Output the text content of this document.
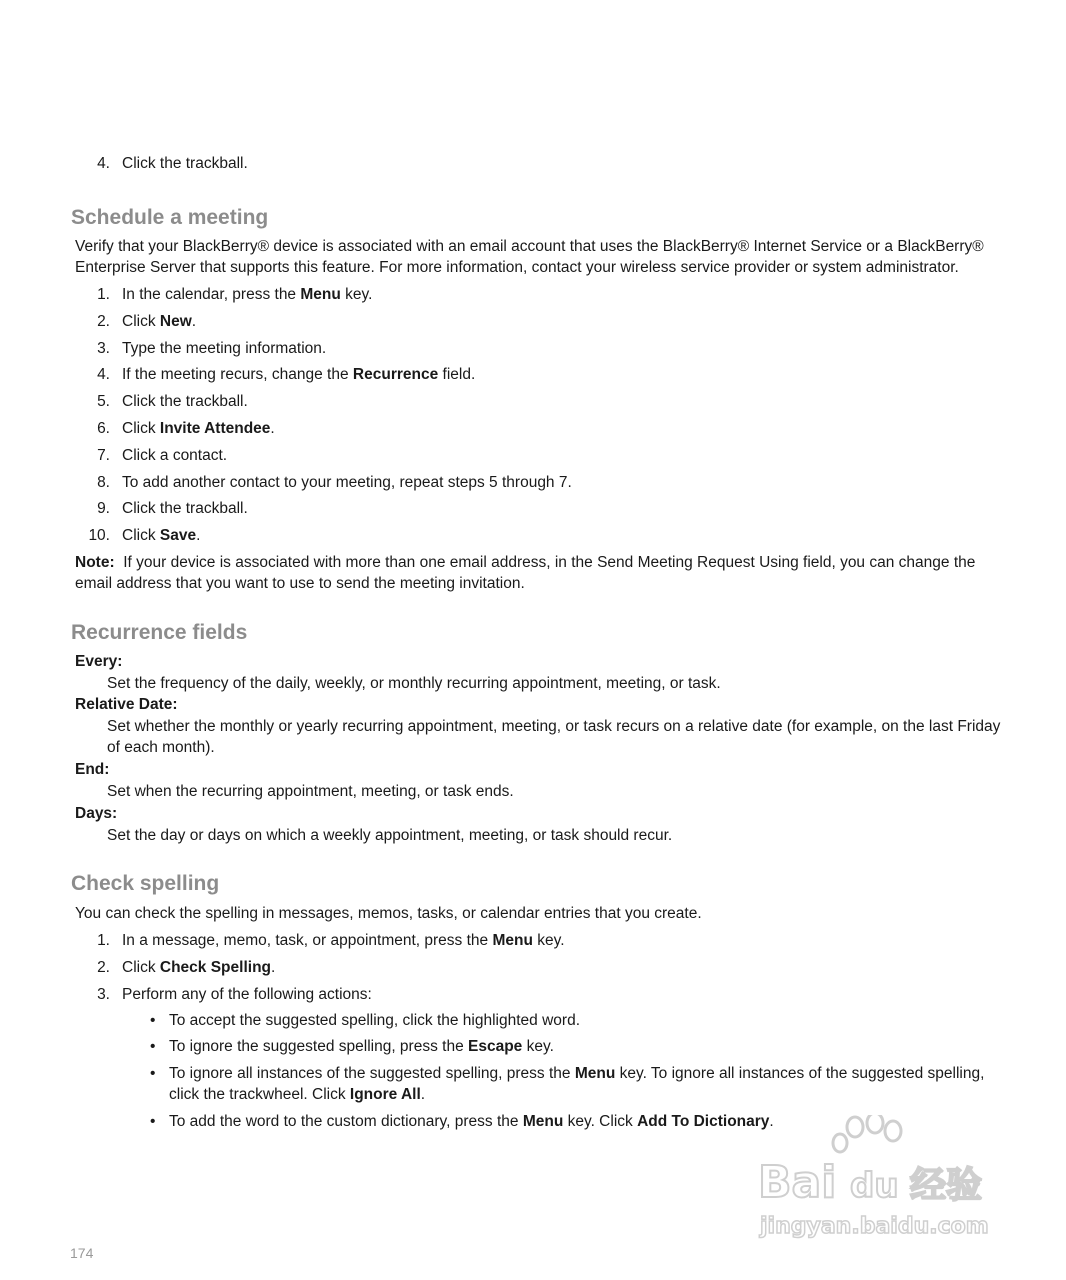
4. Click the trackball.
Schedule a meeting
Verify that your BlackBerry® device is associated with an email account that uses the BlackBerry® Internet Service or a BlackBerry® Enterprise Server that supports this feature. For more information, contact your wireless service provider or system administrator.
1. In the calendar, press the Menu key.
2. Click New.
3. Type the meeting information.
4. If the meeting recurs, change the Recurrence field.
5. Click the trackball.
6. Click Invite Attendee.
7. Click a contact.
8. To add another contact to your meeting, repeat steps 5 through 7.
9. Click the trackball.
10. Click Save.
Note: If your device is associated with more than one email address, in the Send Meeting Request Using field, you can change the email address that you want to use to send the meeting invitation.
Recurrence fields
Every:
Set the frequency of the daily, weekly, or monthly recurring appointment, meeting, or task.
Relative Date:
Set whether the monthly or yearly recurring appointment, meeting, or task recurs on a relative date (for example, on the last Friday of each month).
End:
Set when the recurring appointment, meeting, or task ends.
Days:
Set the day or days on which a weekly appointment, meeting, or task should recur.
Check spelling
You can check the spelling in messages, memos, tasks, or calendar entries that you create.
1. In a message, memo, task, or appointment, press the Menu key.
2. Click Check Spelling.
3. Perform any of the following actions:
• To accept the suggested spelling, click the highlighted word.
• To ignore the suggested spelling, press the Escape key.
• To ignore all instances of the suggested spelling, press the Menu key. To ignore all instances of the suggested spelling, click the trackwheel. Click Ignore All.
• To add the word to the custom dictionary, press the Menu key. Click Add To Dictionary.
174
Bai du 经验
jingyan.baidu.com
